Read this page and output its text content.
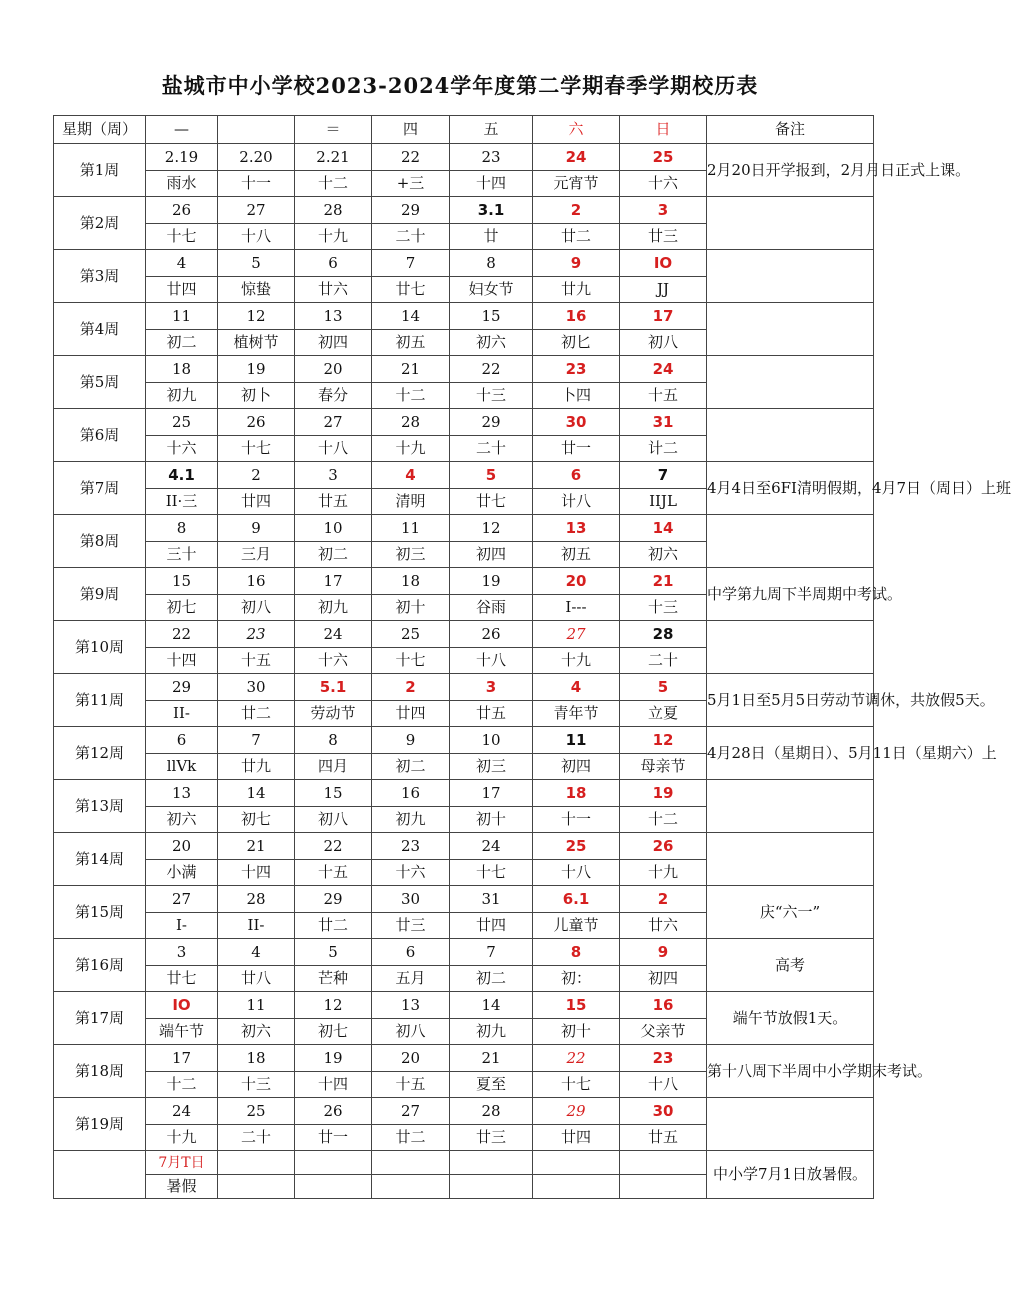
盐城市中小学校2023-2024学年度第二学期春季学期校历表
星期（周）	—		＝	四	五	六	日	备注
第1周	2.19	2.20	2.21	22	23	24	25	2月20日开学报到，2月月日正式上课。
	雨水	十一	十二	+三	十四	元宵节	十六	
第2周	26	27	28	29	3.1	2	3	
	十七	十八	十九	二十	廿	廿二	廿三	
第3周	4	5	6	7	8	9	IO	
	廿四	惊蛰	廿六	廿七	妇女节	廿九	JJ	
第4周	11	12	13	14	15	16	17	
	初二	植树节	初四	初五	初六	初匕	初八	
第5周	18	19	20	21	22	23	24	
	初九	初卜	春分	十二	十三	卜四	十五	
第6周	25	26	27	28	29	30	31	
	十六	十七	十八	十九	二十	廿一	计二	
第7周	4.1	2	3	4	5	6	7	4月4日至6FI清明假期，4月7日（周日）上班
	II·三	廿四	廿五	清明	廿七	计八	IIJL	
第8周	8	9	10	11	12	13	14	
	三十	三月	初二	初三	初四	初五	初六	
第9周	15	16	17	18	19	20	21	中学第九周下半周期中考试。
	初七	初八	初九	初十	谷雨	I---	十三	
第10周	22	23	24	25	26	27	28	
	十四	十五	十六	十七	十八	十九	二十	
第11周	29	30	5.1	2	3	4	5	5月1日至5月5日劳动节调休，共放假5天。
	II-	廿二	劳动节	廿四	廿五	青年节	立夏	
第12周	6	7	8	9	10	11	12	4月28日（星期日）、5月11日（星期六）上
	llVk	廿九	四月	初二	初三	初四	母亲节	
第13周	13	14	15	16	17	18	19	
	初六	初七	初八	初九	初十	十一	十二	
第14周	20	21	22	23	24	25	26	
	小满	十四	十五	十六	十七	十八	十九	
第15周	27	28	29	30	31	6.1	2	庆“六一”
	I-	II-	廿二	廿三	廿四	儿童节	廿六	
第16周	3	4	5	6	7	8	9	高考
	廿七	廿八	芒种	五月	初二	初：	初四	
第17周	IO	11	12	13	14	15	16	端午节放假1天。
	端午节	初六	初七	初八	初九	初十	父亲节	
第18周	17	18	19	20	21	22	23	第十八周下半周中小学期末考试。
	十二	十三	十四	十五	夏至	十七	十八	
第19周	24	25	26	27	28	29	30	
	十九	二十	廿一	廿二	廿三	廿四	廿五	
	7月T日							中小学7月1日放暑假。
	暑假							
